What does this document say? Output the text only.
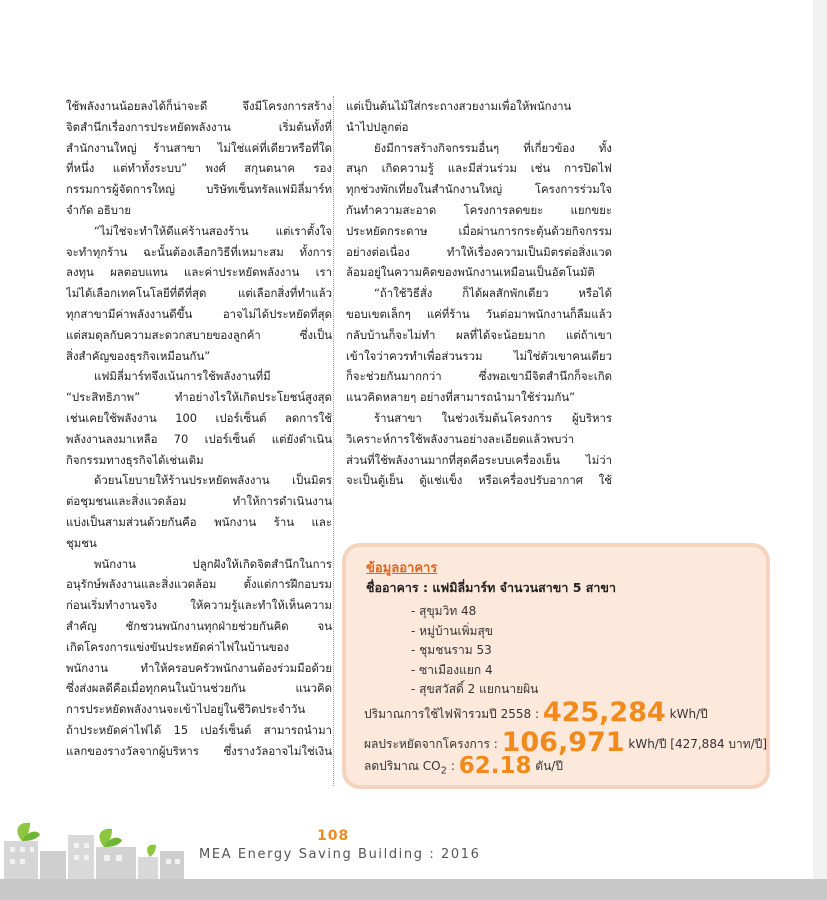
ใช้พลังงานน้อยลงได้ก็น่าจะดี จึงมีโครงการสร้าง
จิตสำนึกเรื่องการประหยัดพลังงาน เริ่มต้นทั้งที่
สำนักงานใหญ่ ร้านสาขา ไม่ใช่แค่ที่เดียวหรือที่ใด
ที่หนึ่ง แต่ทำทั้งระบบ” พงศ์ สกุนตนาค รอง
กรรมการผู้จัดการใหญ่ บริษัทเซ็นทรัลแฟมิลี่มาร์ท
จำกัด อธิบาย
“ไม่ใช่จะทำให้ดีแค่ร้านสองร้าน แต่เราตั้งใจ
จะทำทุกร้าน ฉะนั้นต้องเลือกวิธีที่เหมาะสม ทั้งการ
ลงทุน ผลตอบแทน และค่าประหยัดพลังงาน เรา
ไม่ได้เลือกเทคโนโลยีที่ดีที่สุด แต่เลือกสิ่งที่ทำแล้ว
ทุกสาขามีค่าพลังงานดีขึ้น อาจไม่ได้ประหยัดที่สุด
แต่สมดุลกับความสะดวกสบายของลูกค้า ซึ่งเป็น
สิ่งสำคัญของธุรกิจเหมือนกัน”
แฟมิลี่มาร์ทจึงเน้นการใช้พลังงานที่มี
“ประสิทธิภาพ” ทำอย่างไรให้เกิดประโยชน์สูงสุด
เช่นเคยใช้พลังงาน 100 เปอร์เซ็นต์ ลดการใช้
พลังงานลงมาเหลือ 70 เปอร์เซ็นต์ แต่ยังดำเนิน
กิจกรรมทางธุรกิจได้เช่นเดิม
ด้วยนโยบายให้ร้านประหยัดพลังงาน เป็นมิตร
ต่อชุมชนและสิ่งแวดล้อม ทำให้การดำเนินงาน
แบ่งเป็นสามส่วนด้วยกันคือ พนักงาน ร้าน และ
ชุมชน
พนักงาน ปลูกฝังให้เกิดจิตสำนึกในการ
อนุรักษ์พลังงานและสิ่งแวดล้อม ตั้งแต่การฝึกอบรม
ก่อนเริ่มทำงานจริง ให้ความรู้และทำให้เห็นความ
สำคัญ ชักชวนพนักงานทุกฝ่ายช่วยกันคิด จน
เกิดโครงการแข่งขันประหยัดค่าไฟในบ้านของ
พนักงาน ทำให้ครอบครัวพนักงานต้องร่วมมือด้วย
ซึ่งส่งผลดีคือเมื่อทุกคนในบ้านช่วยกัน แนวคิด
การประหยัดพลังงานจะเข้าไปอยู่ในชีวิตประจำวัน
ถ้าประหยัดค่าไฟได้ 15 เปอร์เซ็นต์ สามารถนำมา
แลกของรางวัลจากผู้บริหาร ซึ่งรางวัลอาจไม่ใช่เงิน
แต่เป็นต้นไม้ใส่กระถางสวยงามเพื่อให้พนักงาน
นำไปปลูกต่อ
ยังมีการสร้างกิจกรรมอื่นๆ ที่เกี่ยวข้อง ทั้ง
สนุก เกิดความรู้ และมีส่วนร่วม เช่น การปิดไฟ
ทุกช่วงพักเที่ยงในสำนักงานใหญ่ โครงการร่วมใจ
กันทำความสะอาด โครงการลดขยะ แยกขยะ
ประหยัดกระดาษ เมื่อผ่านการกระตุ้นด้วยกิจกรรม
อย่างต่อเนื่อง ทำให้เรื่องความเป็นมิตรต่อสิ่งแวด
ล้อมอยู่ในความคิดของพนักงานเหมือนเป็นอัตโนมัติ
“ถ้าใช้วิธีสั่ง ก็ได้ผลสักพักเดียว หรือได้
ขอบเขตเล็กๆ แค่ที่ร้าน วันต่อมาพนักงานก็ลืมแล้ว
กลับบ้านก็จะไม่ทำ ผลที่ได้จะน้อยมาก แต่ถ้าเขา
เข้าใจว่าควรทำเพื่อส่วนรวม ไม่ใช่ตัวเขาคนเดียว
ก็จะช่วยกันมากกว่า ซึ่งพอเขามีจิตสำนึกก็จะเกิด
แนวคิดหลายๆ อย่างที่สามารถนำมาใช้ร่วมกัน”
ร้านสาขา ในช่วงเริ่มต้นโครงการ ผู้บริหาร
วิเคราะห์การใช้พลังงานอย่างละเอียดแล้วพบว่า
ส่วนที่ใช้พลังงานมากที่สุดคือระบบเครื่องเย็น ไม่ว่า
จะเป็นตู้เย็น ตู้แช่แข็ง หรือเครื่องปรับอากาศ ใช้
ข้อมูลอาคาร
ชื่ออาคาร : แฟมิลี่มาร์ท จำนวนสาขา 5 สาขา
- สุขุมวิท 48
- หมู่บ้านเพิ่มสุข
- ชุมชนราม 53
- ซาเมืองแยก 4
- สุขสวัสดิ์ 2 แยกนายผิน
ปริมาณการใช้ไฟฟ้ารวมปี 2558 : 425,284 kWh/ปี
ผลประหยัดจากโครงการ : 106,971 kWh/ปี [427,884 บาท/ปี]
ลดปริมาณ $CO_2$ : 62.18 ตัน/ปี
108
MEA Energy Saving Building : 2016
